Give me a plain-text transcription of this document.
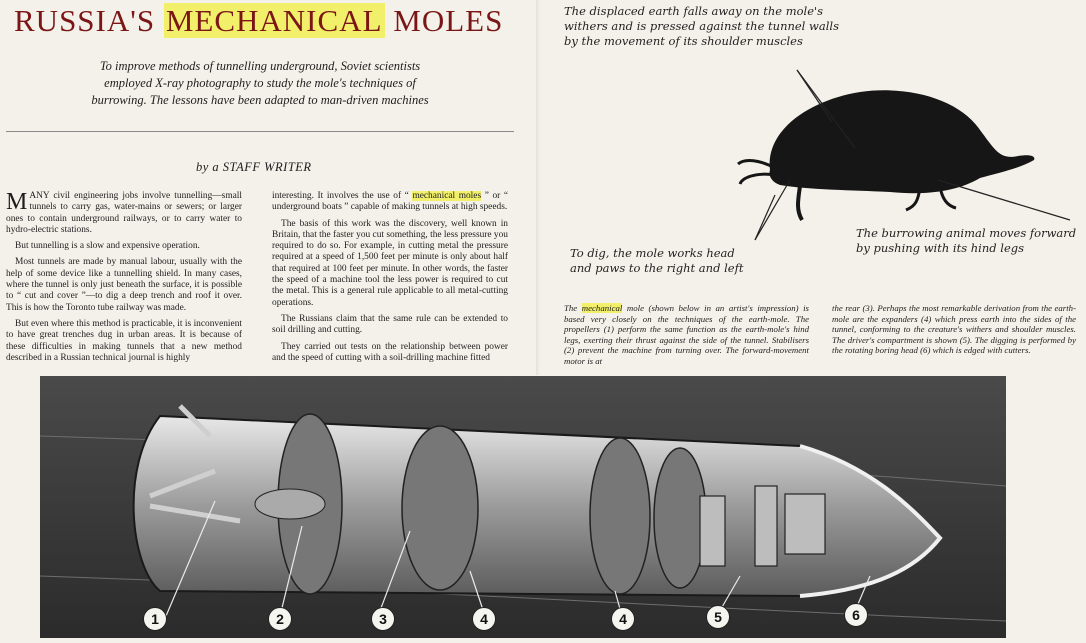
RUSSIA'S MECHANICAL MOLES

To improve methods of tunnelling underground, Soviet scientists employed X-ray photography to study the mole's techniques of burrowing. The lessons have been adapted to man-driven machines

by a STAFF WRITER

MANY civil engineering jobs involve tunnelling—small tunnels to carry gas, water-mains or sewers; or larger ones to contain underground railways, or to carry water to hydro-electric stations.

But tunnelling is a slow and expensive operation.

Most tunnels are made by manual labour, usually with the help of some device like a tunnelling shield. In many cases, where the tunnel is only just beneath the surface, it is possible to “ cut and cover ”—to dig a deep trench and roof it over. This is how the Toronto tube railway was made.

But even where this method is practicable, it is inconvenient to have great trenches dug in urban areas. It is because of these difficulties in making tunnels that a new method described in a Russian technical journal is highly

interesting. It involves the use of “ mechanical moles ” or “ underground boats ” capable of making tunnels at high speeds.

The basis of this work was the discovery, well known in Britain, that the faster you cut something, the less pressure you required to do so. For example, in cutting metal the pressure required at a speed of 1,500 feet per minute is only about half that required at 100 feet per minute. In other words, the faster the speed of a machine tool the less power is required to cut the metal. This is a general rule applicable to all metal-cutting operations.

The Russians claim that the same rule can be extended to soil drilling and cutting.

They carried out tests on the relationship between power and the speed of cutting with a soil-drilling machine fitted

The displaced earth falls away on the mole's withers and is pressed against the tunnel walls by the movement of its shoulder muscles
To dig, the mole works head and paws to the right and left
The burrowing animal moves forward by pushing with its hind legs
The mechanical mole (shown below in an artist's impression) is based very closely on the techniques of the earth-mole. The propellers (1) perform the same function as the earth-mole's hind legs, exerting their thrust against the side of the tunnel. Stabilisers (2) prevent the machine from turning over. The forward-movement motor is at
the rear (3). Perhaps the most remarkable derivation from the earth-mole are the expanders (4) which press earth into the sides of the tunnel, conforming to the creature's withers and shoulder muscles. The driver's compartment is shown (5). The digging is performed by the rotating boring head (6) which is edged with cutters.
1	2	3	4	4	5	6
